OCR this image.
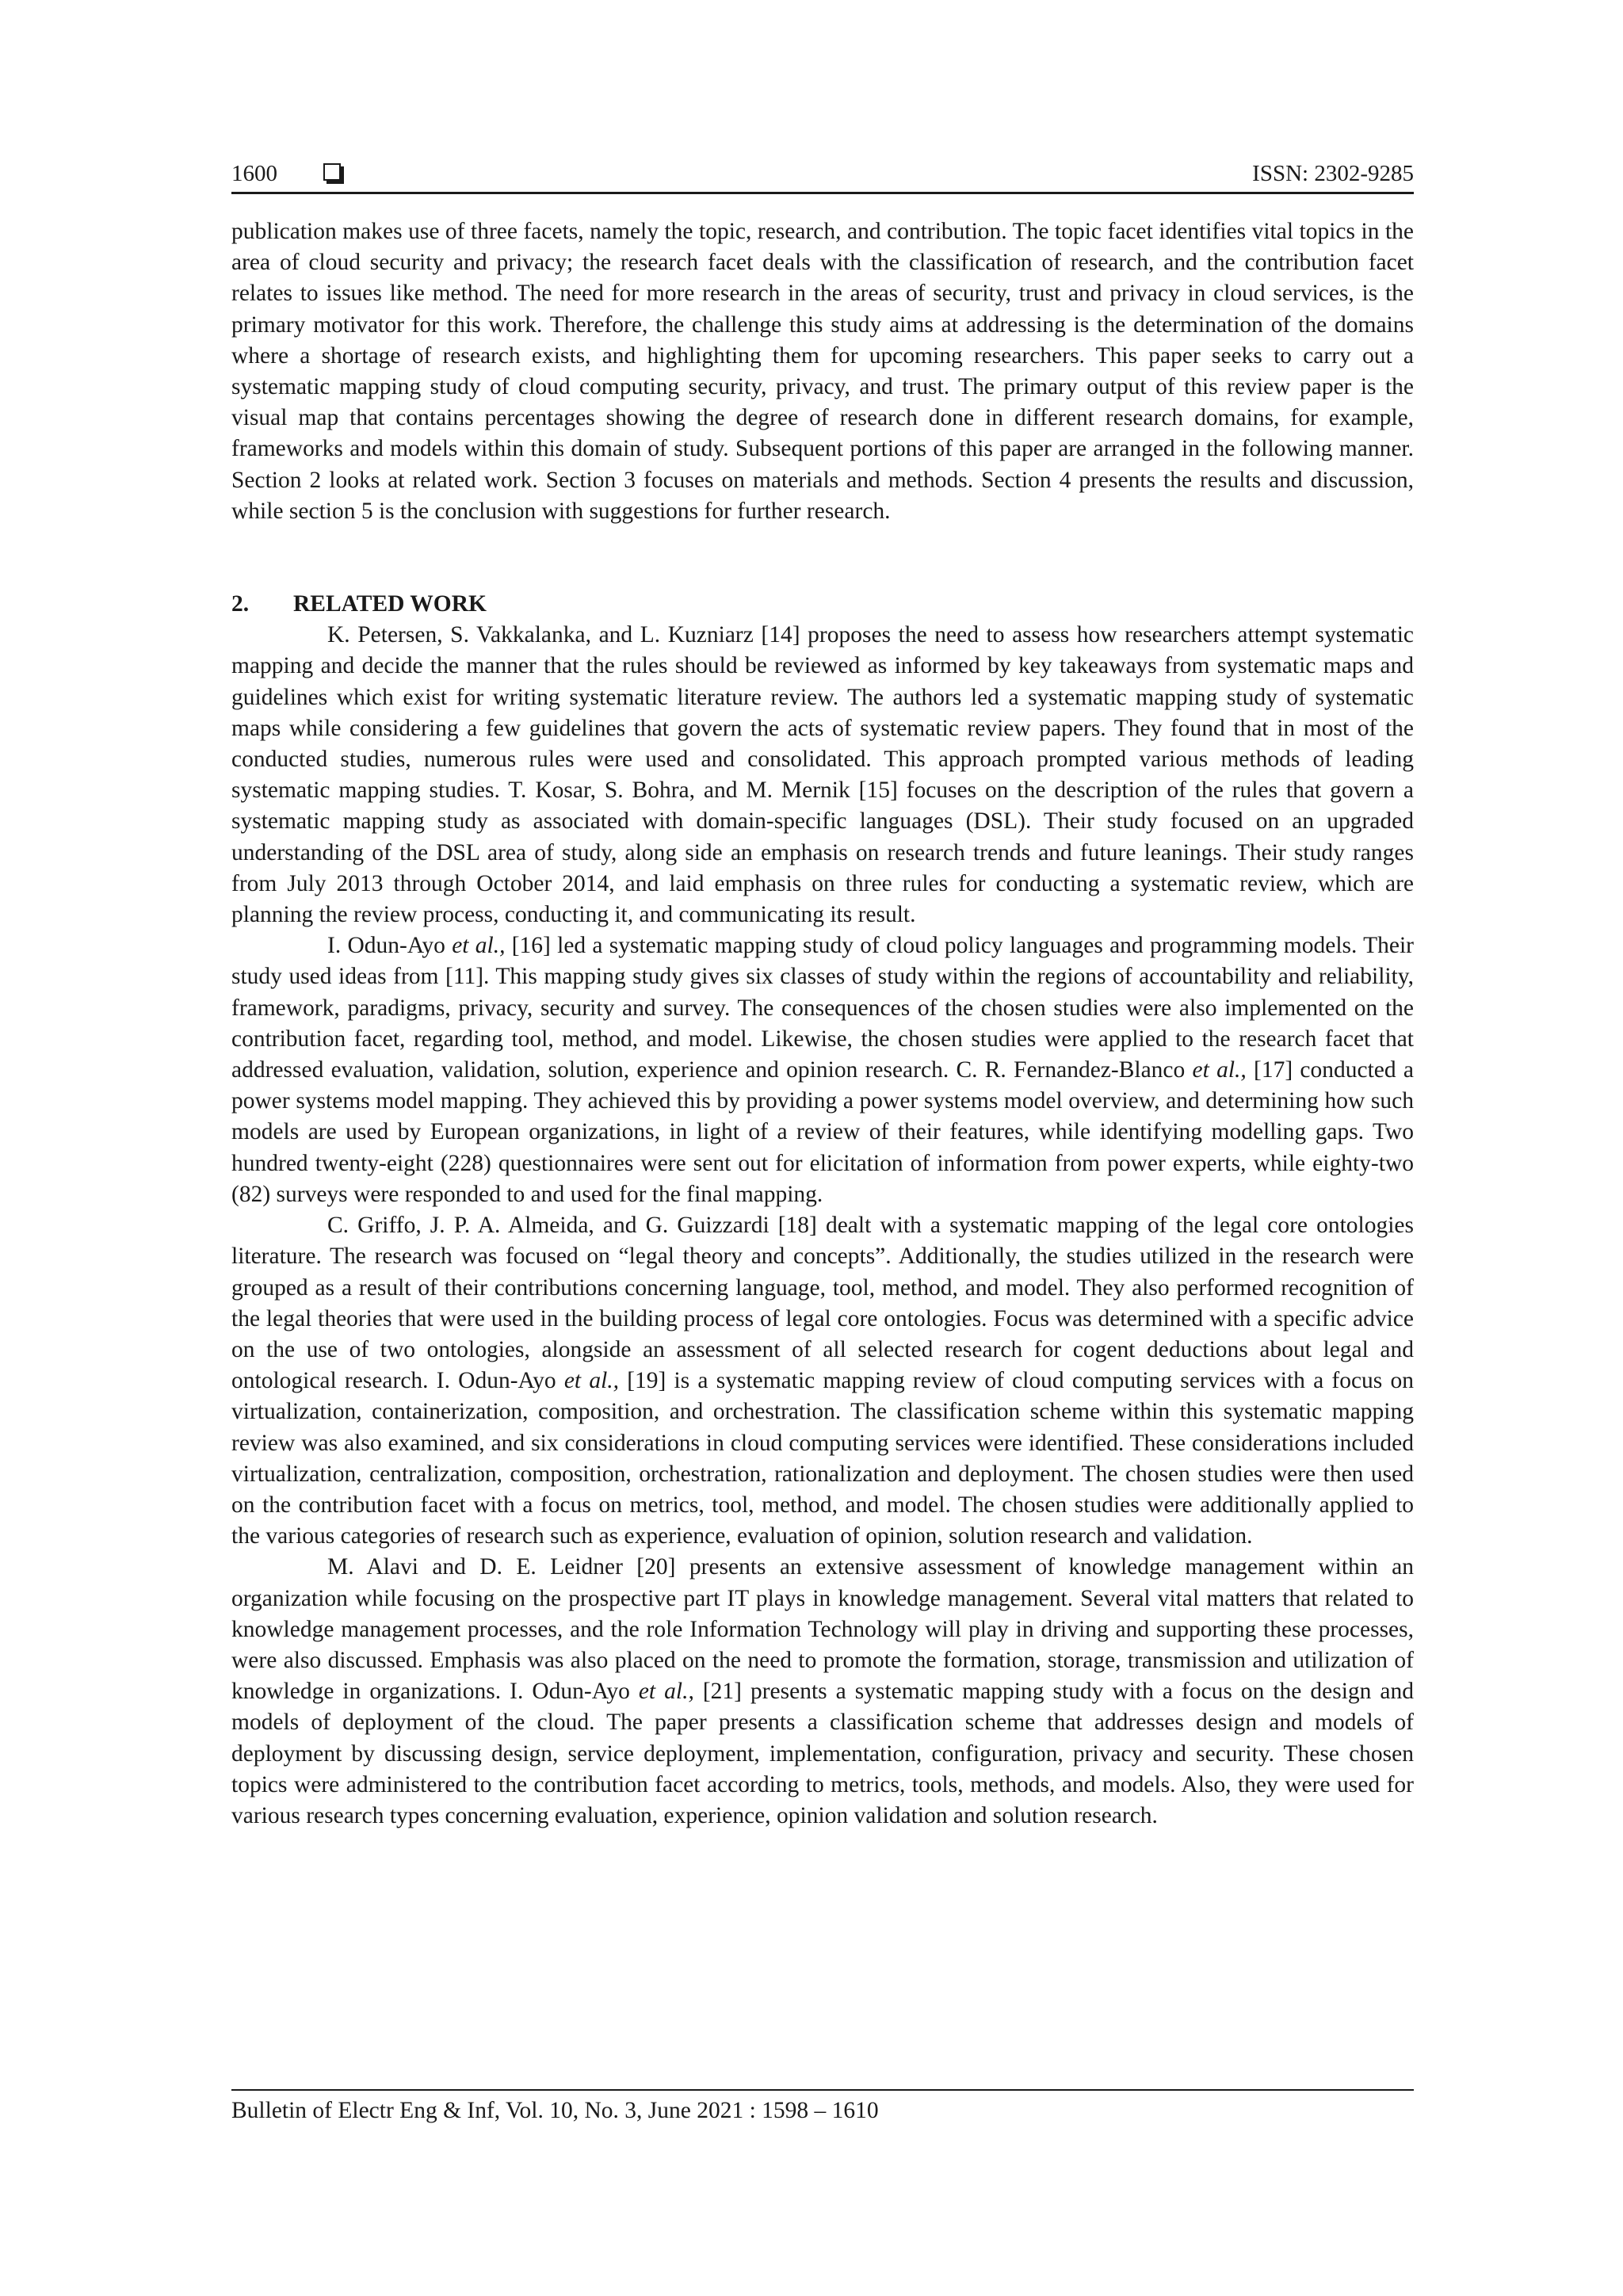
1600	ISSN: 2302-9285

publication makes use of three facets, namely the topic, research, and contribution. The topic facet identifies vital topics in the area of cloud security and privacy; the research facet deals with the classification of research, and the contribution facet relates to issues like method. The need for more research in the areas of security, trust and privacy in cloud services, is the primary motivator for this work. Therefore, the challenge this study aims at addressing is the determination of the domains where a shortage of research exists, and highlighting them for upcoming researchers. This paper seeks to carry out a systematic mapping study of cloud computing security, privacy, and trust. The primary output of this review paper is the visual map that contains percentages showing the degree of research done in different research domains, for example, frameworks and models within this domain of study. Subsequent portions of this paper are arranged in the following manner. Section 2 looks at related work. Section 3 focuses on materials and methods. Section 4 presents the results and discussion, while section 5 is the conclusion with suggestions for further research.

2. RELATED WORK

K. Petersen, S. Vakkalanka, and L. Kuzniarz [14] proposes the need to assess how researchers attempt systematic mapping and decide the manner that the rules should be reviewed as informed by key takeaways from systematic maps and guidelines which exist for writing systematic literature review. The authors led a systematic mapping study of systematic maps while considering a few guidelines that govern the acts of systematic review papers. They found that in most of the conducted studies, numerous rules were used and consolidated. This approach prompted various methods of leading systematic mapping studies. T. Kosar, S. Bohra, and M. Mernik [15] focuses on the description of the rules that govern a systematic mapping study as associated with domain-specific languages (DSL). Their study focused on an upgraded understanding of the DSL area of study, along side an emphasis on research trends and future leanings. Their study ranges from July 2013 through October 2014, and laid emphasis on three rules for conducting a systematic review, which are planning the review process, conducting it, and communicating its result.

I. Odun-Ayo et al., [16] led a systematic mapping study of cloud policy languages and programming models. Their study used ideas from [11]. This mapping study gives six classes of study within the regions of accountability and reliability, framework, paradigms, privacy, security and survey. The consequences of the chosen studies were also implemented on the contribution facet, regarding tool, method, and model. Likewise, the chosen studies were applied to the research facet that addressed evaluation, validation, solution, experience and opinion research. C. R. Fernandez-Blanco et al., [17] conducted a power systems model mapping. They achieved this by providing a power systems model overview, and determining how such models are used by European organizations, in light of a review of their features, while identifying modelling gaps. Two hundred twenty-eight (228) questionnaires were sent out for elicitation of information from power experts, while eighty-two (82) surveys were responded to and used for the final mapping.

C. Griffo, J. P. A. Almeida, and G. Guizzardi [18] dealt with a systematic mapping of the legal core ontologies literature. The research was focused on “legal theory and concepts”. Additionally, the studies utilized in the research were grouped as a result of their contributions concerning language, tool, method, and model. They also performed recognition of the legal theories that were used in the building process of legal core ontologies. Focus was determined with a specific advice on the use of two ontologies, alongside an assessment of all selected research for cogent deductions about legal and ontological research. I. Odun-Ayo et al., [19] is a systematic mapping review of cloud computing services with a focus on virtualization, containerization, composition, and orchestration. The classification scheme within this systematic mapping review was also examined, and six considerations in cloud computing services were identified. These considerations included virtualization, centralization, composition, orchestration, rationalization and deployment. The chosen studies were then used on the contribution facet with a focus on metrics, tool, method, and model. The chosen studies were additionally applied to the various categories of research such as experience, evaluation of opinion, solution research and validation.

M. Alavi and D. E. Leidner [20] presents an extensive assessment of knowledge management within an organization while focusing on the prospective part IT plays in knowledge management. Several vital matters that related to knowledge management processes, and the role Information Technology will play in driving and supporting these processes, were also discussed. Emphasis was also placed on the need to promote the formation, storage, transmission and utilization of knowledge in organizations. I. Odun-Ayo et al., [21] presents a systematic mapping study with a focus on the design and models of deployment of the cloud. The paper presents a classification scheme that addresses design and models of deployment by discussing design, service deployment, implementation, configuration, privacy and security. These chosen topics were administered to the contribution facet according to metrics, tools, methods, and models. Also, they were used for various research types concerning evaluation, experience, opinion validation and solution research.

Bulletin of Electr Eng & Inf, Vol. 10, No. 3, June 2021 : 1598 – 1610
